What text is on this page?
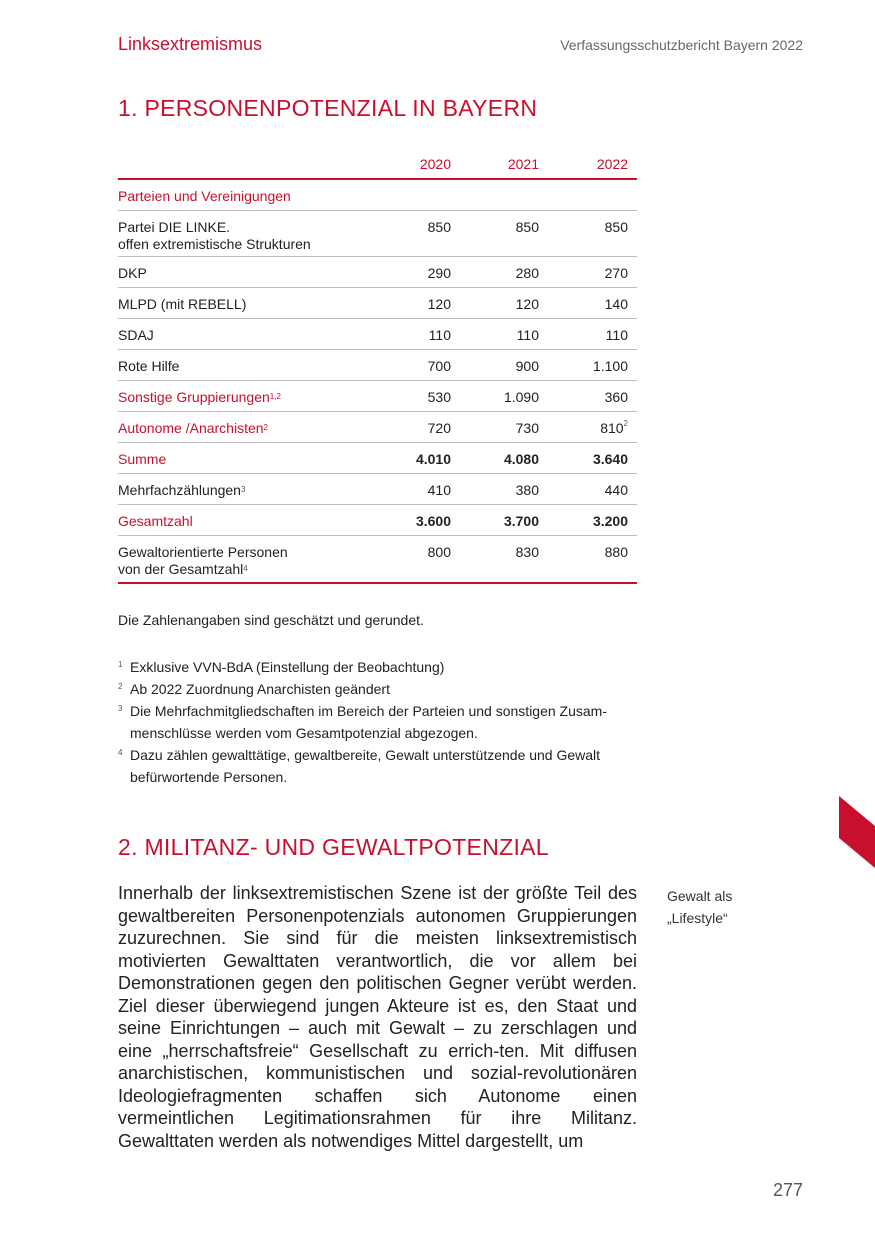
Linksextremismus	Verfassungsschutzbericht Bayern 2022
1. PERSONENPOTENZIAL IN BAYERN
2020	2021	2022
Parteien und Vereinigungen
Partei DIE LINKE.
offen extremistische Strukturen
850	850	850
DKP	290	280	270
MLPD (mit REBELL)	120	120	140
SDAJ	110	110	110
Rote Hilfe	700	900	1.100
Sonstige Gruppierungen$^{1,2}$	530	1.090	360
Autonome /Anarchisten$^2$	720	730	$810^2$
Summe	4.010	4.080	3.640
Mehrfachzählungen$^3$	410	380	440
Gesamtzahl	3.600	3.700	3.200
Gewaltorientierte Personen
von der Gesamtzahl$^4$
800	830	880
Die Zahlenangaben sind geschätzt und gerundet.
1 Exklusive VVN-BdA (Einstellung der Beobachtung)
2 Ab 2022 Zuordnung Anarchisten geändert
3 Die Mehrfachmitgliedschaften im Bereich der Parteien und sonstigen Zusam-menschlüsse werden vom Gesamtpotenzial abgezogen.
4 Dazu zählen gewalttätige, gewaltbereite, Gewalt unterstützende und Gewalt befürwortende Personen.
2. MILITANZ- UND GEWALTPOTENZIAL
Innerhalb der linksextremistischen Szene ist der größte Teil des gewaltbereiten Personenpotenzials autonomen Gruppierungen zuzurechnen. Sie sind für die meisten linksextremistisch motivierten Gewalttaten verantwortlich, die vor allem bei Demonstrationen gegen den politischen Gegner verübt werden. Ziel dieser überwiegend jungen Akteure ist es, den Staat und seine Einrichtungen – auch mit Gewalt – zu zerschlagen und eine „herrschaftsfreie“ Gesellschaft zu errich-ten. Mit diffusen anarchistischen, kommunistischen und sozial-revolutionären Ideologiefragmenten schaffen sich Autonome einen vermeintlichen Legitimationsrahmen für ihre Militanz. Gewalttaten werden als notwendiges Mittel dargestellt, um
Gewalt als
„Lifestyle“
277
